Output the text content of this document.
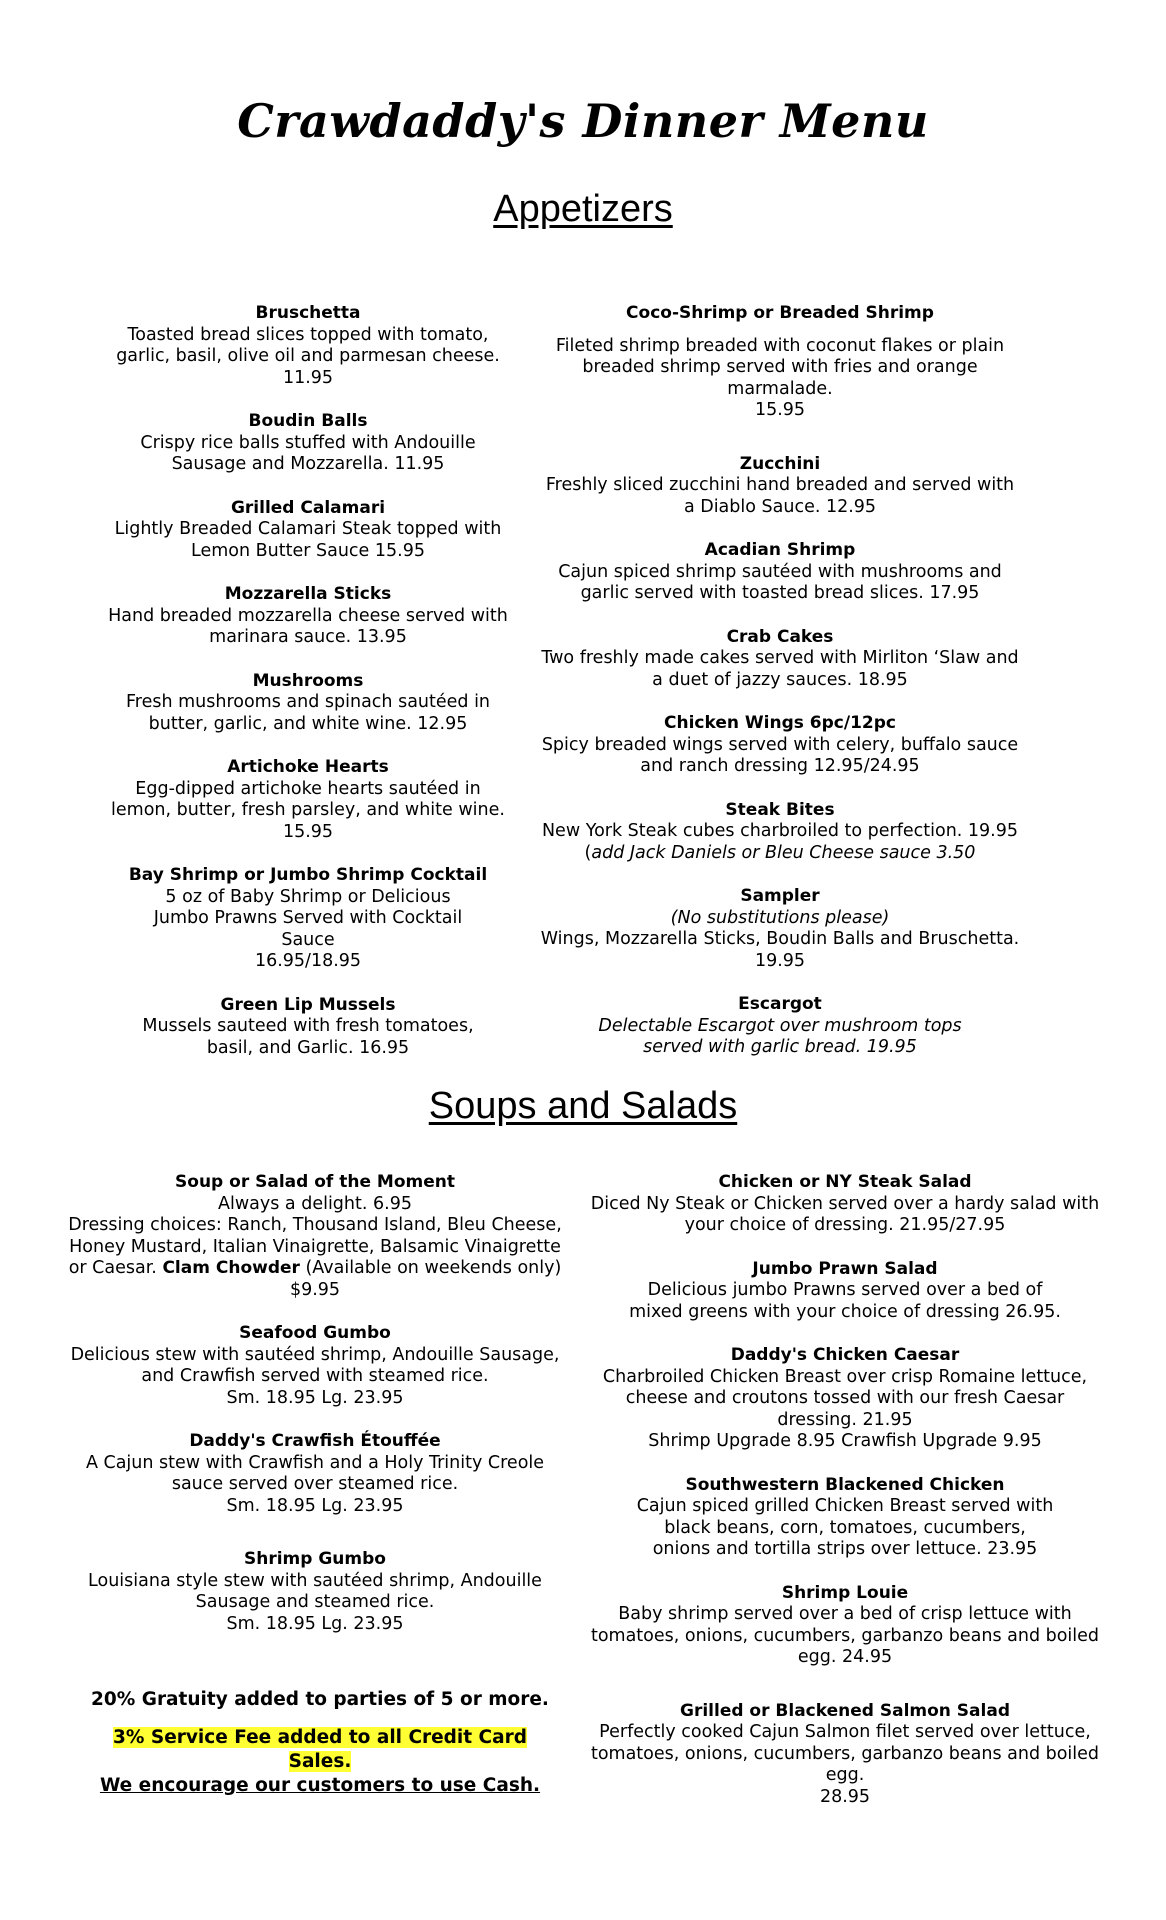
Crawdaddy's Dinner Menu
Appetizers
Bruschetta
Toasted bread slices topped with tomato, garlic, basil, olive oil and parmesan cheese.
11.95
Boudin Balls
Crispy rice balls stuffed with Andouille Sausage and Mozzarella. 11.95
Grilled Calamari
Lightly Breaded Calamari Steak topped with Lemon Butter Sauce 15.95
Mozzarella Sticks
Hand breaded mozzarella cheese served with marinara sauce. 13.95
Mushrooms
Fresh mushrooms and spinach sautéed in butter, garlic, and white wine. 12.95
Artichoke Hearts
Egg-dipped artichoke hearts sautéed in lemon, butter, fresh parsley, and white wine. 15.95
Bay Shrimp or Jumbo Shrimp Cocktail
5 oz of Baby Shrimp or Delicious Jumbo Prawns Served with Cocktail Sauce
16.95/18.95
Green Lip Mussels
Mussels sauteed with fresh tomatoes, basil, and Garlic. 16.95
Coco-Shrimp or Breaded Shrimp
Fileted shrimp breaded with coconut flakes or plain breaded shrimp served with fries and orange marmalade.
15.95
Zucchini
Freshly sliced zucchini hand breaded and served with a Diablo Sauce. 12.95
Acadian Shrimp
Cajun spiced shrimp sautéed with mushrooms and garlic served with toasted bread slices. 17.95
Crab Cakes
Two freshly made cakes served with Mirliton ‘Slaw and a duet of jazzy sauces. 18.95
Chicken Wings 6pc/12pc
Spicy breaded wings served with celery, buffalo sauce and ranch dressing 12.95/24.95
Steak Bites
New York Steak cubes charbroiled to perfection. 19.95
(add Jack Daniels or Bleu Cheese sauce 3.50
Sampler
(No substitutions please)
Wings, Mozzarella Sticks, Boudin Balls and Bruschetta.
19.95
Escargot
Delectable Escargot over mushroom tops served with garlic bread. 19.95
Soups and Salads
Soup or Salad of the Moment
Always a delight. 6.95
Dressing choices: Ranch, Thousand Island, Bleu Cheese, Honey Mustard, Italian Vinaigrette, Balsamic Vinaigrette or Caesar. Clam Chowder (Available on weekends only) $9.95
Seafood Gumbo
Delicious stew with sautéed shrimp, Andouille Sausage, and Crawfish served with steamed rice.
Sm. 18.95 Lg. 23.95
Daddy's Crawfish Étouffée
A Cajun stew with Crawfish and a Holy Trinity Creole sauce served over steamed rice.
Sm. 18.95 Lg. 23.95
Shrimp Gumbo
Louisiana style stew with sautéed shrimp, Andouille Sausage and steamed rice.
Sm. 18.95 Lg. 23.95
Chicken or NY Steak Salad
Diced Ny Steak or Chicken served over a hardy salad with your choice of dressing. 21.95/27.95
Jumbo Prawn Salad
Delicious jumbo Prawns served over a bed of mixed greens with your choice of dressing 26.95.
Daddy's Chicken Caesar
Charbroiled Chicken Breast over crisp Romaine lettuce, cheese and croutons tossed with our fresh Caesar dressing. 21.95
Shrimp Upgrade 8.95 Crawfish Upgrade 9.95
Southwestern Blackened Chicken
Cajun spiced grilled Chicken Breast served with black beans, corn, tomatoes, cucumbers,
onions and tortilla strips over lettuce. 23.95
Shrimp Louie
Baby shrimp served over a bed of crisp lettuce with tomatoes, onions, cucumbers, garbanzo beans and boiled egg. 24.95
Grilled or Blackened Salmon Salad
Perfectly cooked Cajun Salmon filet served over lettuce, tomatoes, onions, cucumbers, garbanzo beans and boiled egg.
28.95
20% Gratuity added to parties of 5 or more.
3% Service Fee added to all Credit Card Sales.
We encourage our customers to use Cash.
